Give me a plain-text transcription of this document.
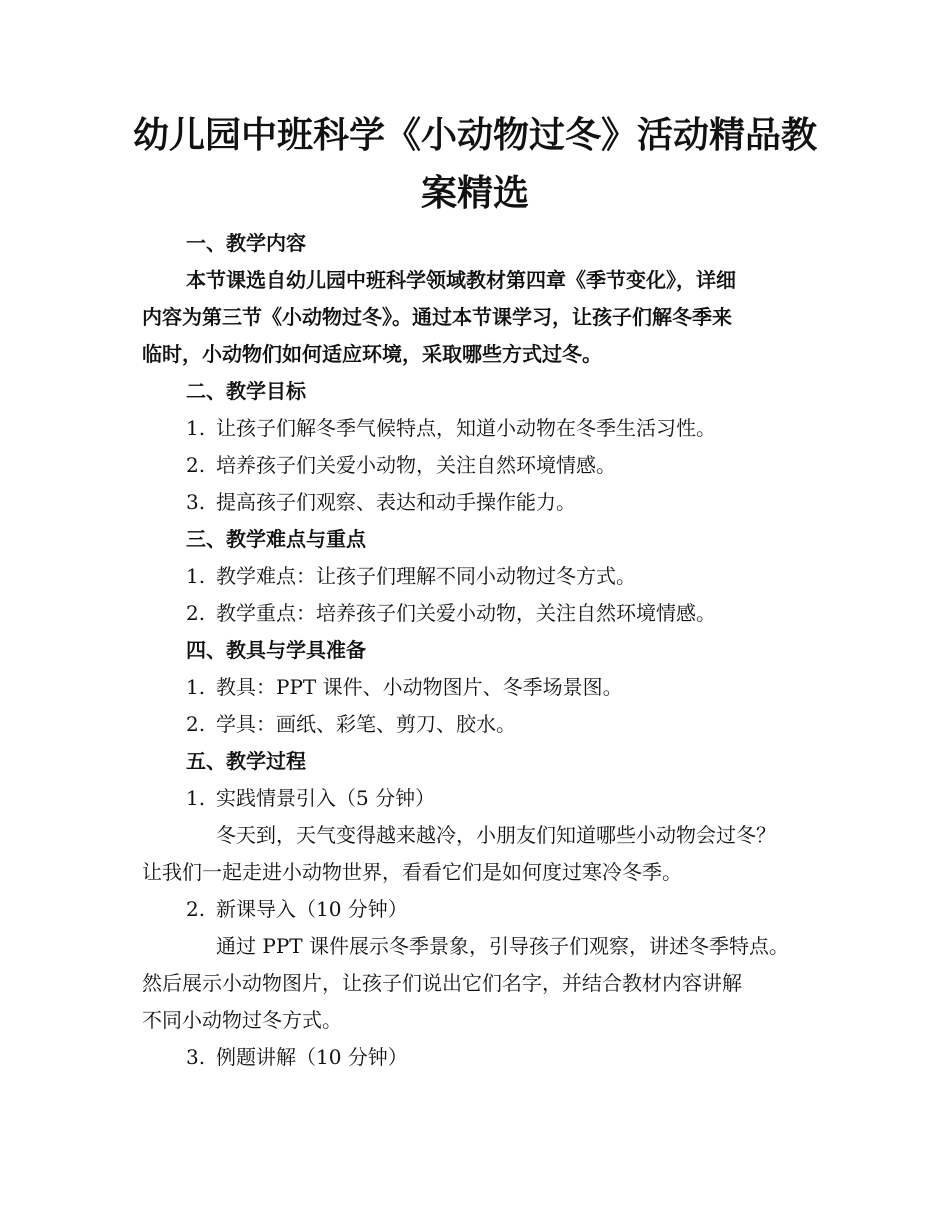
幼儿园中班科学《小动物过冬》活动精品教
案精选
一、教学内容
本节课选自幼儿园中班科学领域教材第四章《季节变化》，详细
内容为第三节《小动物过冬》。通过本节课学习，让孩子们解冬季来
临时，小动物们如何适应环境，采取哪些方式过冬。
二、教学目标
1. 让孩子们解冬季气候特点，知道小动物在冬季生活习性。
2. 培养孩子们关爱小动物，关注自然环境情感。
3. 提高孩子们观察、表达和动手操作能力。
三、教学难点与重点
1. 教学难点：让孩子们理解不同小动物过冬方式。
2. 教学重点：培养孩子们关爱小动物，关注自然环境情感。
四、教具与学具准备
1. 教具：PPT 课件、小动物图片、冬季场景图。
2. 学具：画纸、彩笔、剪刀、胶水。
五、教学过程
1. 实践情景引入（5 分钟）
冬天到，天气变得越来越冷，小朋友们知道哪些小动物会过冬？
让我们一起走进小动物世界，看看它们是如何度过寒冷冬季。
2. 新课导入（10 分钟）
通过 PPT 课件展示冬季景象，引导孩子们观察，讲述冬季特点。
然后展示小动物图片，让孩子们说出它们名字，并结合教材内容讲解
不同小动物过冬方式。
3. 例题讲解（10 分钟）
